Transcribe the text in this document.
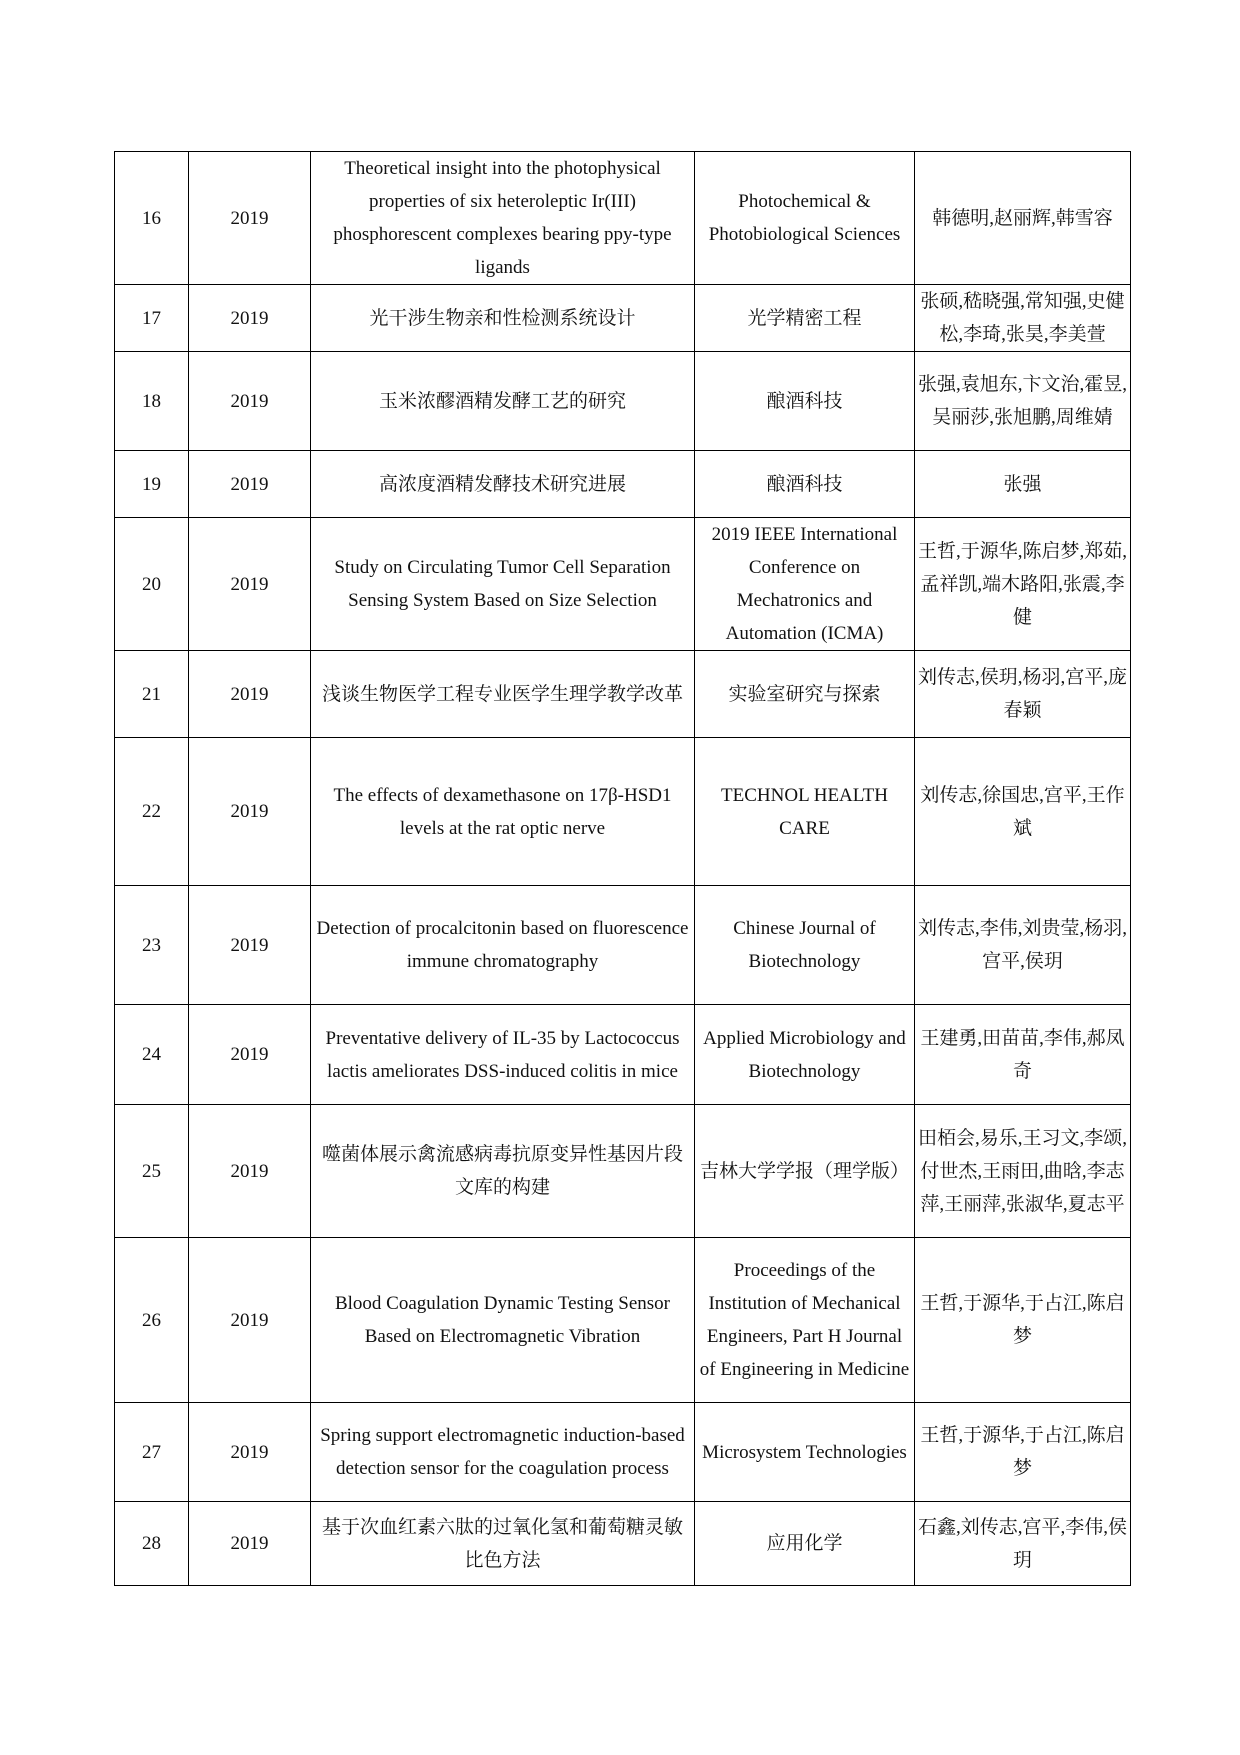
16	2019	Theoretical insight into the photophysical properties of six heteroleptic Ir(III) phosphorescent complexes bearing ppy-type ligands	Photochemical & Photobiological Sciences	韩德明,赵丽辉,韩雪容
17	2019	光干涉生物亲和性检测系统设计	光学精密工程	张硕,嵇晓强,常知强,史健松,李琦,张昊,李美萱
18	2019	玉米浓醪酒精发酵工艺的研究	酿酒科技	张强,袁旭东,卞文治,霍昱,吴丽莎,张旭鹏,周维婧
19	2019	高浓度酒精发酵技术研究进展	酿酒科技	张强
20	2019	Study on Circulating Tumor Cell Separation Sensing System Based on Size Selection	2019 IEEE International Conference on Mechatronics and Automation (ICMA)	王哲,于源华,陈启梦,郑茹,孟祥凯,端木路阳,张震,李健
21	2019	浅谈生物医学工程专业医学生理学教学改革	实验室研究与探索	刘传志,侯玥,杨羽,宫平,庞春颖
22	2019	The effects of dexamethasone on 17β-HSD1 levels at the rat optic nerve	TECHNOL HEALTH CARE	刘传志,徐国忠,宫平,王作斌
23	2019	Detection of procalcitonin based on fluorescence immune chromatography	Chinese Journal of Biotechnology	刘传志,李伟,刘贵莹,杨羽,宫平,侯玥
24	2019	Preventative delivery of IL-35 by Lactococcus lactis ameliorates DSS-induced colitis in mice	Applied Microbiology and Biotechnology	王建勇,田苗苗,李伟,郝凤奇
25	2019	噬菌体展示禽流感病毒抗原变异性基因片段文库的构建	吉林大学学报（理学版）	田栢会,易乐,王习文,李颂,付世杰,王雨田,曲晗,李志萍,王丽萍,张淑华,夏志平
26	2019	Blood Coagulation Dynamic Testing Sensor Based on Electromagnetic Vibration	Proceedings of the Institution of Mechanical Engineers, Part H Journal of Engineering in Medicine	王哲,于源华,于占江,陈启梦
27	2019	Spring support electromagnetic induction-based detection sensor for the coagulation process	Microsystem Technologies	王哲,于源华,于占江,陈启梦
28	2019	基于次血红素六肽的过氧化氢和葡萄糖灵敏比色方法	应用化学	石鑫,刘传志,宫平,李伟,侯玥
